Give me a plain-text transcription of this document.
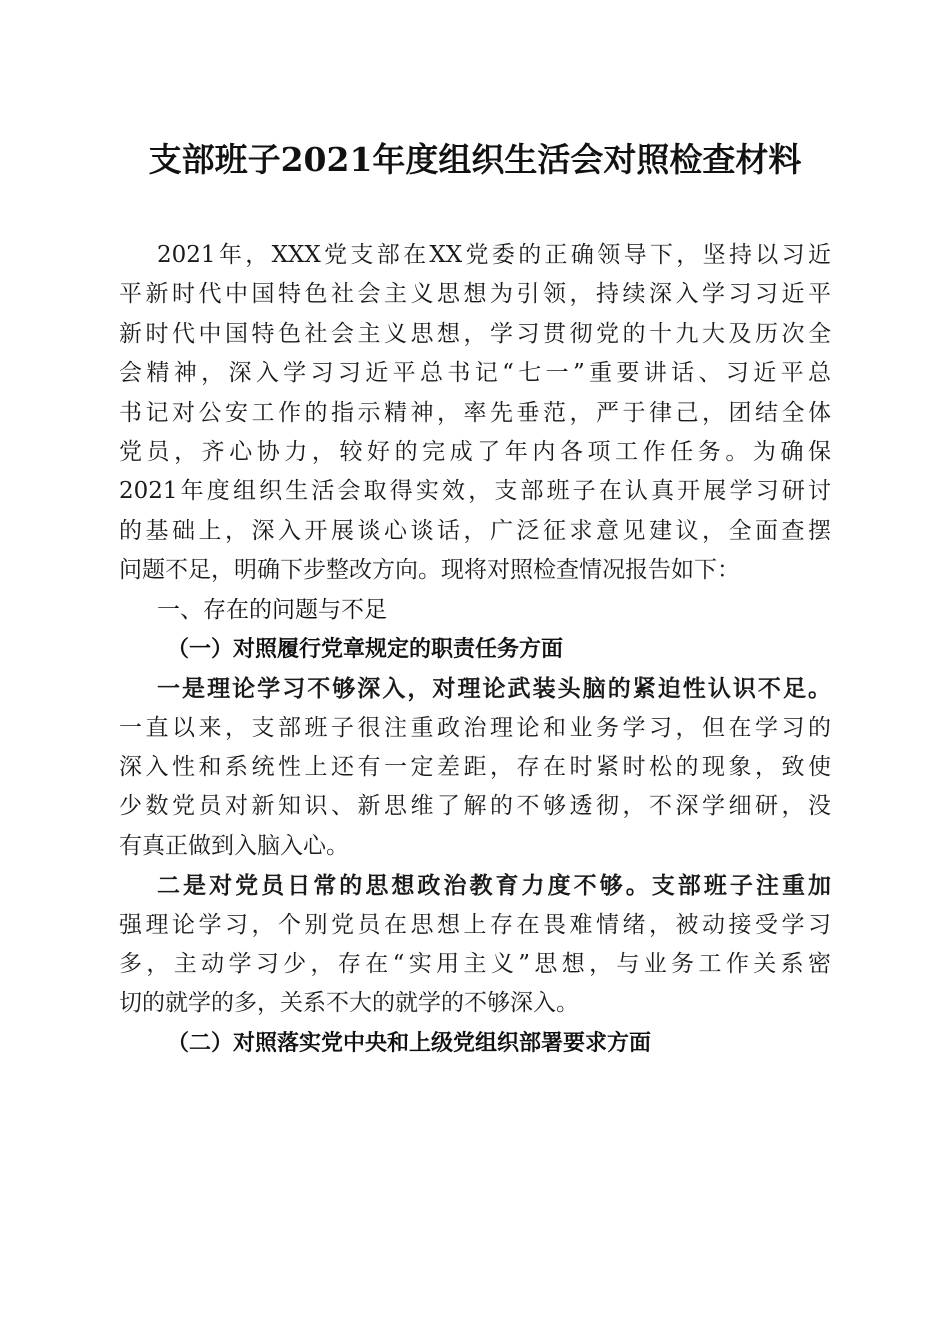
支部班子2021年度组织生活会对照检查材料
2021年，XXX党支部在XX党委的正确领导下，坚持以习近
平新时代中国特色社会主义思想为引领，持续深入学习习近平
新时代中国特色社会主义思想，学习贯彻党的十九大及历次全
会精神，深入学习习近平总书记“七一”重要讲话、习近平总
书记对公安工作的指示精神，率先垂范，严于律己，团结全体
党员，齐心协力，较好的完成了年内各项工作任务。为确保
2021年度组织生活会取得实效，支部班子在认真开展学习研讨
的基础上，深入开展谈心谈话，广泛征求意见建议，全面查摆
问题不足，明确下步整改方向。现将对照检查情况报告如下：
一、存在的问题与不足
（一）对照履行党章规定的职责任务方面
一是理论学习不够深入，对理论武装头脑的紧迫性认识不足。
一直以来，支部班子很注重政治理论和业务学习，但在学习的
深入性和系统性上还有一定差距，存在时紧时松的现象，致使
少数党员对新知识、新思维了解的不够透彻，不深学细研，没
有真正做到入脑入心。
二是对党员日常的思想政治教育力度不够。支部班子注重加
强理论学习，个别党员在思想上存在畏难情绪，被动接受学习
多，主动学习少，存在“实用主义”思想，与业务工作关系密
切的就学的多，关系不大的就学的不够深入。
（二）对照落实党中央和上级党组织部署要求方面
